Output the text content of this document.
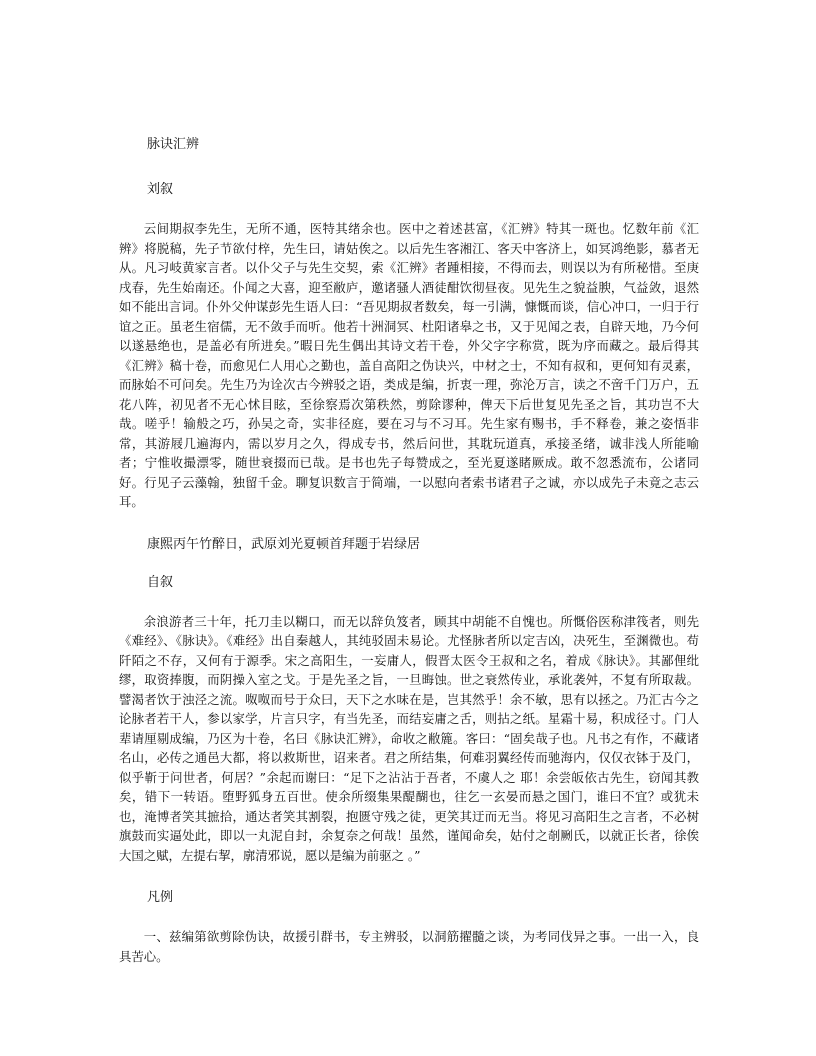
脉诀汇辨
刘叙

云间期叔李先生，无所不通，医特其绪余也。医中之着述甚富，《汇辨》特其一斑也。忆数年前《汇辨》将脱稿，先子节欲付梓，先生曰，请姑俟之。以后先生客湘江、客天中客济上，如冥鸿绝影，慕者无从。凡习岐黄家言者。以仆父子与先生交契，索《汇辨》者踵相接，不得而去，则误以为有所秘惜。至庚戌春，先生始南还。仆闻之大喜，迎至敝庐，邀诸骚人酒徒酣饮彻昼夜。见先生之貌益腴，气益敛，退然如不能出言词。仆外父仲谋彭先生语人曰：“吾见期叔者数矣，每一引满，慷慨而谈，信心冲口，一归于行谊之正。虽老生宿儒，无不敛手而听。他若十洲洞冥、杜阳诸皋之书，又于见闻之表，自辟天地，乃今何以遂悬绝也，是盖必有所进矣。”暇日先生偶出其诗文若干卷，外父字字称赏，既为序而藏之。最后得其《汇辨》稿十卷，而愈见仁人用心之勤也，盖自高阳之伪诀兴，中材之士，不知有叔和，更何知有灵素，而脉始不可问矣。先生乃为诠次古今辨驳之语，类成是编，折衷一理，弥沦万言，读之不啻千门万户，五花八阵，初见者不无心怵目眩，至徐察焉次第秩然，剪除谬种，俾天下后世复见先圣之旨，其功岂不大哉。嗟乎！输般之巧，孙吴之奇，实非径庭，要在习与不习耳。先生家有赐书，手不释卷，兼之姿悟非常，其游屐几遍海内，需以岁月之久，得成专书，然后问世，其耽玩道真，承接圣绪，诚非浅人所能喻者；宁惟收撮漂零，随世衰掇而已哉。是书也先子每赞成之，至光夏遂睹厥成。敢不忽悉流布，公诸同好。行见子云藻翰，独留千金。聊复识数言于简端，一以慰向者索书诸君子之诚，亦以成先子未竟之志云耳。

康熙丙午竹醉日，武原刘光夏顿首拜题于岩绿居

自叙

余浪游者三十年，托刀圭以糊口，而无以辞负笈者，顾其中胡能不自愧也。所慨俗医称津筏者，则先《难经》、《脉诀》。《难经》出自秦越人，其纯驳固未易论。尤怪脉者所以定吉凶，决死生，至渊微也。苟阡陌之不存，又何有于源季。宋之高阳生，一妄庸人，假晋太医令王叔和之名，着成《脉诀》。其鄙俚纰缪，取资捧腹，而阴操入室之戈。于是先圣之旨，一旦晦蚀。世之衰然传业，承讹袭舛，不复有所取裁。譬渴者饮于浊泾之流。呶呶而号于众曰，天下之水味在是，岂其然乎！余不敏，思有以拯之。乃汇古今之论脉者若干人，参以家学，片言只字，有当先圣，而结妄庸之舌，则拈之纸。星霜十易，积成径寸。门人辈请厘剔成编，乃区为十卷，名曰《脉诀汇辨》，命收之敝簏。客曰：“固矣哉子也。凡书之有作，不藏诸名山，必传之通邑大都，将以救斯世，诏来者。君之所结集，何难羽翼经传而驰海内，仅仅衣钵于及门，似乎靳于问世者，何居？”余起而谢曰：“足下之沾沾于吾者，不虞人之 耶！余尝皈依古先生，窃闻其教矣，错下一转语。堕野狐身五百世。使余所缀集果醍醐也，往乞一玄晏而悬之国门，谁曰不宜？或犹未也，淹博者笑其摭拾，通达者笑其割裂，抱匮守残之徒，更笑其迂而无当。将见习高阳生之言者，不必树旗鼓而实逼处此，即以一丸泥自封，余复奈之何哉！虽然，谨闻命矣，姑付之剞劂氏，以就正长者，徐俟大国之赋，左提右挈，廓清邪说，愿以是编为前驱之 。”

凡例

一、兹编第欲剪除伪诀，故援引群书，专主辨驳，以洞筋擢髓之谈，为考同伐异之事。一出一入，良具苦心。
